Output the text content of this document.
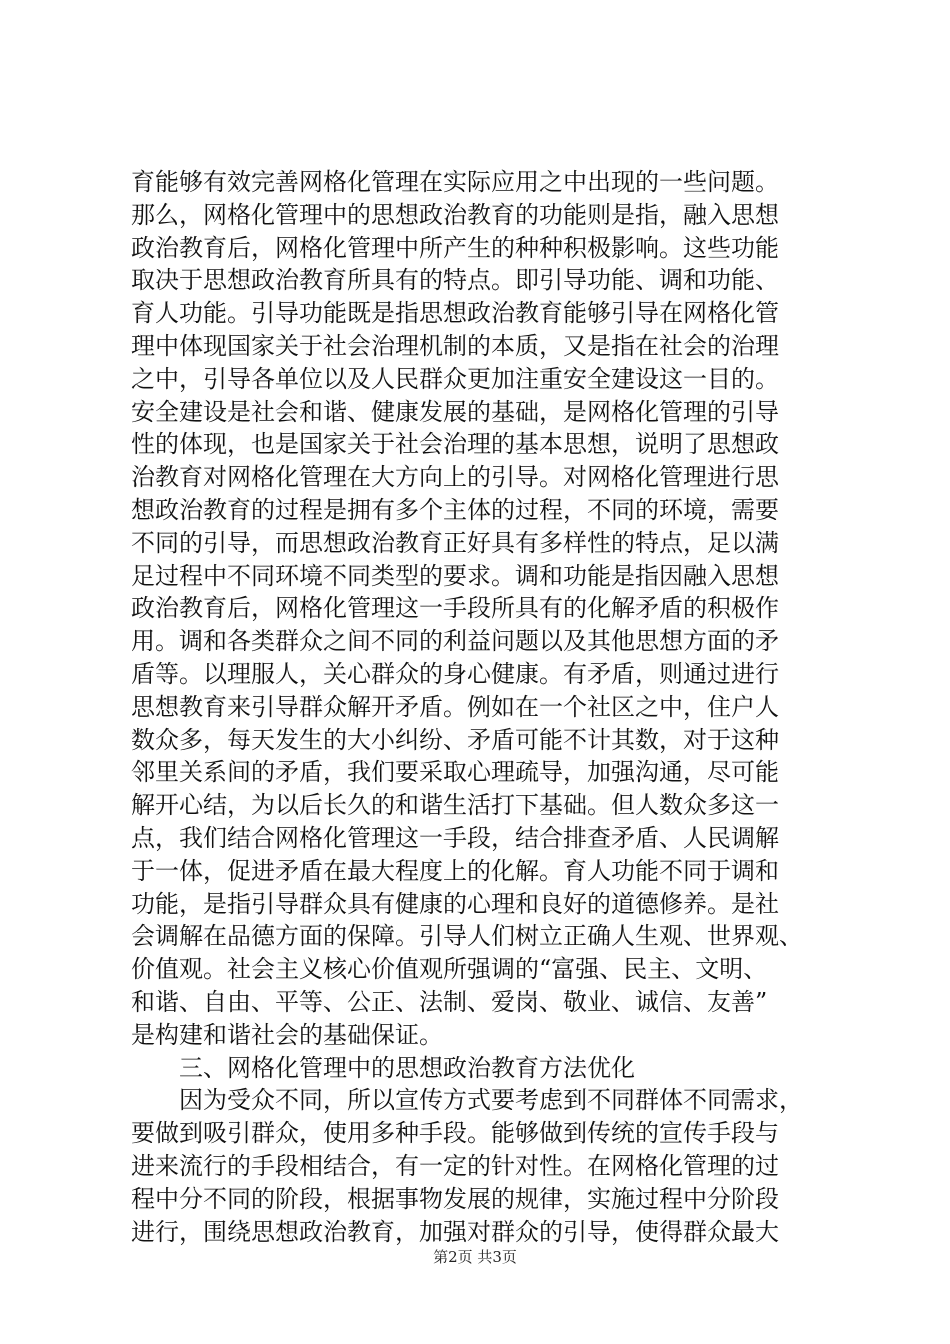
育能够有效完善网格化管理在实际应用之中出现的一些问题。
那么，网格化管理中的思想政治教育的功能则是指，融入思想
政治教育后，网格化管理中所产生的种种积极影响。这些功能
取决于思想政治教育所具有的特点。即引导功能、调和功能、
育人功能。引导功能既是指思想政治教育能够引导在网格化管
理中体现国家关于社会治理机制的本质，又是指在社会的治理
之中，引导各单位以及人民群众更加注重安全建设这一目的。
安全建设是社会和谐、健康发展的基础，是网格化管理的引导
性的体现，也是国家关于社会治理的基本思想，说明了思想政
治教育对网格化管理在大方向上的引导。对网格化管理进行思
想政治教育的过程是拥有多个主体的过程，不同的环境，需要
不同的引导，而思想政治教育正好具有多样性的特点，足以满
足过程中不同环境不同类型的要求。调和功能是指因融入思想
政治教育后，网格化管理这一手段所具有的化解矛盾的积极作
用。调和各类群众之间不同的利益问题以及其他思想方面的矛
盾等。以理服人，关心群众的身心健康。有矛盾，则通过进行
思想教育来引导群众解开矛盾。例如在一个社区之中，住户人
数众多，每天发生的大小纠纷、矛盾可能不计其数，对于这种
邻里关系间的矛盾，我们要采取心理疏导，加强沟通，尽可能
解开心结，为以后长久的和谐生活打下基础。但人数众多这一
点，我们结合网格化管理这一手段，结合排查矛盾、人民调解
于一体，促进矛盾在最大程度上的化解。育人功能不同于调和
功能，是指引导群众具有健康的心理和良好的道德修养。是社
会调解在品德方面的保障。引导人们树立正确人生观、世界观、
价值观。社会主义核心价值观所强调的“富强、民主、文明、
和谐、自由、平等、公正、法制、爱岗、敬业、诚信、友善”
是构建和谐社会的基础保证。
三、网格化管理中的思想政治教育方法优化
因为受众不同，所以宣传方式要考虑到不同群体不同需求，
要做到吸引群众，使用多种手段。能够做到传统的宣传手段与
进来流行的手段相结合，有一定的针对性。在网格化管理的过
程中分不同的阶段，根据事物发展的规律，实施过程中分阶段
进行，围绕思想政治教育，加强对群众的引导，使得群众最大
第2页 共3页
